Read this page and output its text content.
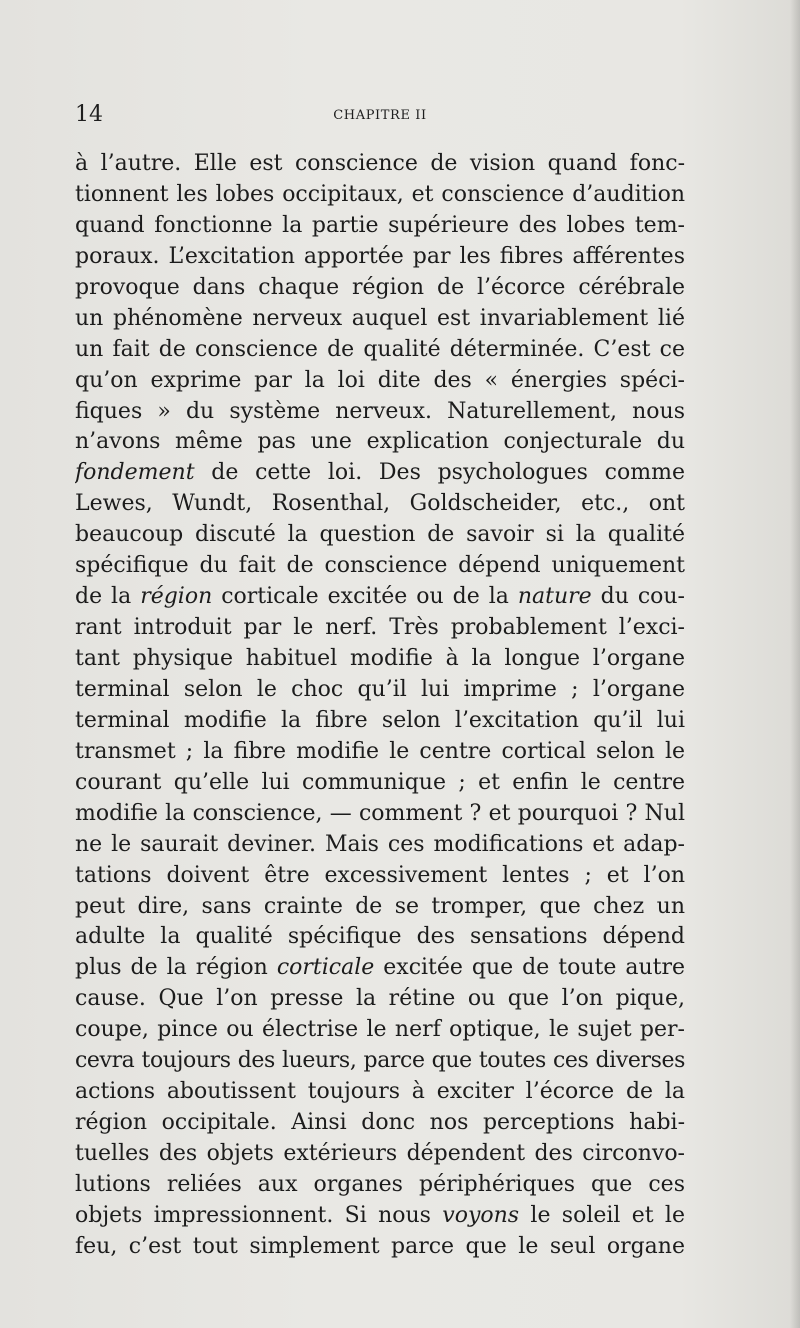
14	CHAPITRE II
à l’autre. Elle est conscience de vision quand fonc-
tionnent les lobes occipitaux, et conscience d’audition
quand fonctionne la partie supérieure des lobes tem-
poraux. L’excitation apportée par les fibres afférentes
provoque dans chaque région de l’écorce cérébrale
un phénomène nerveux auquel est invariablement lié
un fait de conscience de qualité déterminée. C’est ce
qu’on exprime par la loi dite des « énergies spéci-
fiques » du système nerveux. Naturellement, nous
n’avons même pas une explication conjecturale du
fondement de cette loi. Des psychologues comme
Lewes, Wundt, Rosenthal, Goldscheider, etc., ont
beaucoup discuté la question de savoir si la qualité
spécifique du fait de conscience dépend uniquement
de la région corticale excitée ou de la nature du cou-
rant introduit par le nerf. Très probablement l’exci-
tant physique habituel modifie à la longue l’organe
terminal selon le choc qu’il lui imprime ; l’organe
terminal modifie la fibre selon l’excitation qu’il lui
transmet ; la fibre modifie le centre cortical selon le
courant qu’elle lui communique ; et enfin le centre
modifie la conscience, — comment ? et pourquoi ? Nul
ne le saurait deviner. Mais ces modifications et adap-
tations doivent être excessivement lentes ; et l’on
peut dire, sans crainte de se tromper, que chez un
adulte la qualité spécifique des sensations dépend
plus de la région corticale excitée que de toute autre
cause. Que l’on presse la rétine ou que l’on pique,
coupe, pince ou électrise le nerf optique, le sujet per-
cevra toujours des lueurs, parce que toutes ces diverses
actions aboutissent toujours à exciter l’écorce de la
région occipitale. Ainsi donc nos perceptions habi-
tuelles des objets extérieurs dépendent des circonvo-
lutions reliées aux organes périphériques que ces
objets impressionnent. Si nous voyons le soleil et le
feu, c’est tout simplement parce que le seul organe
